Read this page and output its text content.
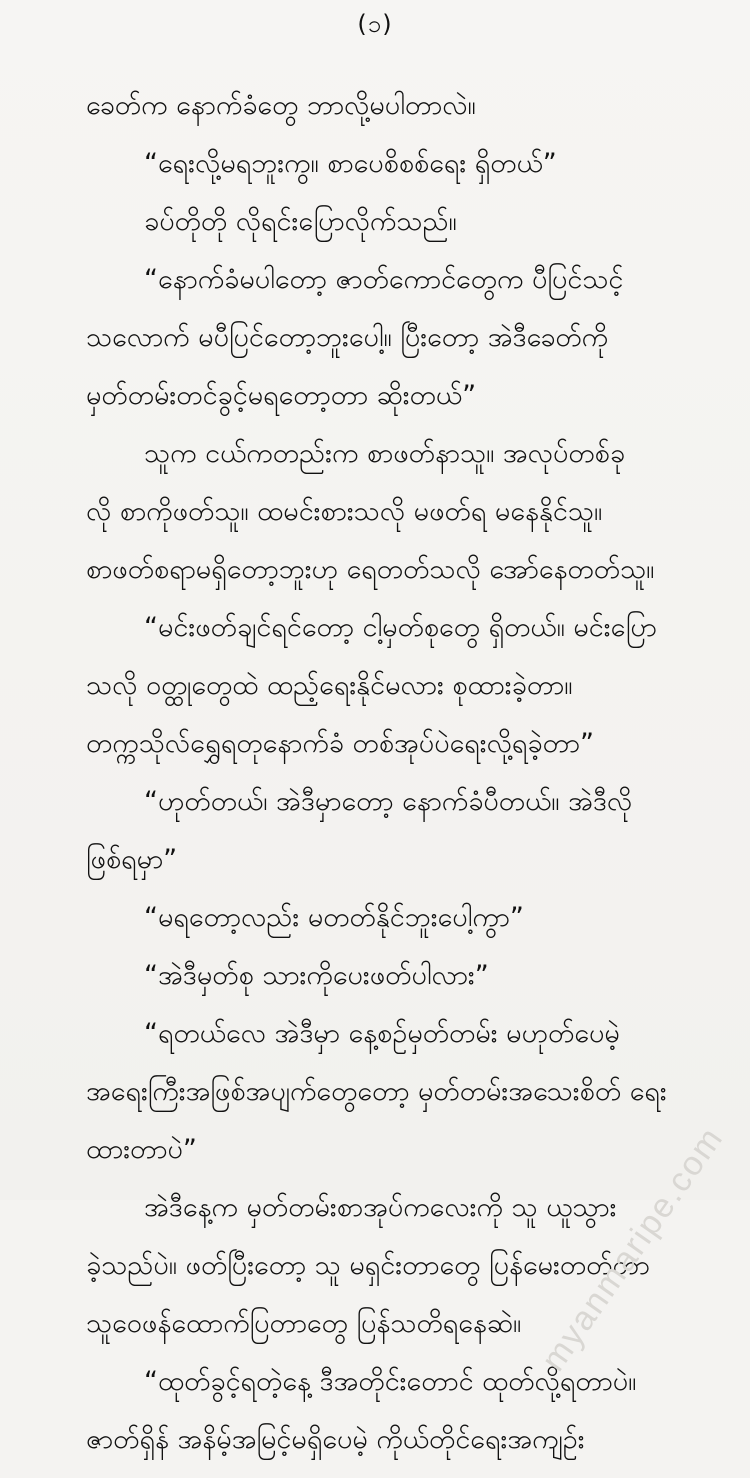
(၁)
ခေတ်က နောက်ခံတွေ ဘာလို့မပါတာလဲ။
“ရေးလို့မရဘူးကွ။ စာပေစိစစ်ရေး ရှိတယ်”
ခပ်တိုတို လိုရင်းပြောလိုက်သည်။
“နောက်ခံမပါတော့ ဇာတ်ကောင်တွေက ပီပြင်သင့်
သလောက် မပီပြင်တော့ဘူးပေါ့။ ပြီးတော့ အဲဒီခေတ်ကို
မှတ်တမ်းတင်ခွင့်မရတော့တာ ဆိုးတယ်”
သူက ငယ်ကတည်းက စာဖတ်နာသူ။ အလုပ်တစ်ခု
လို စာကိုဖတ်သူ။ ထမင်းစားသလို မဖတ်ရ မနေနိုင်သူ။
စာဖတ်စရာမရှိတော့ဘူးဟု ရေတတ်သလို အော်နေတတ်သူ။
“မင်းဖတ်ချင်ရင်တော့ ငါ့မှတ်စုတွေ ရှိတယ်။ မင်းပြော
သလို ဝတ္ထုတွေထဲ ထည့်ရေးနိုင်မလား စုထားခဲ့တာ။
တက္ကသိုလ်ရွှေရတုနောက်ခံ တစ်အုပ်ပဲရေးလို့ရခဲ့တာ”
“ဟုတ်တယ်၊ အဲဒီမှာတော့ နောက်ခံပီတယ်။ အဲဒီလို
ဖြစ်ရမှာ”
“မရတော့လည်း မတတ်နိုင်ဘူးပေါ့ကွာ”
“အဲဒီမှတ်စု သားကိုပေးဖတ်ပါလား”
“ရတယ်လေ အဲဒီမှာ နေ့စဉ်မှတ်တမ်း မဟုတ်ပေမဲ့
အရေးကြီးအဖြစ်အပျက်တွေတော့ မှတ်တမ်းအသေးစိတ် ရေး
ထားတာပဲ”
အဲဒီနေ့က မှတ်တမ်းစာအုပ်ကလေးကို သူ ယူသွား
ခဲ့သည်ပဲ။ ဖတ်ပြီးတော့ သူ မရှင်းတာတွေ ပြန်မေးတတ်တာ
သူဝေဖန်ထောက်ပြတာတွေ ပြန်သတိရနေဆဲ။
“ထုတ်ခွင့်ရတဲ့နေ့ ဒီအတိုင်းတောင် ထုတ်လို့ရတာပဲ။
ဇာတ်ရှိန် အနိမ့်အမြင့်မရှိပေမဲ့ ကိုယ်တိုင်ရေးအကျဉ်း
myanmaripe.com
